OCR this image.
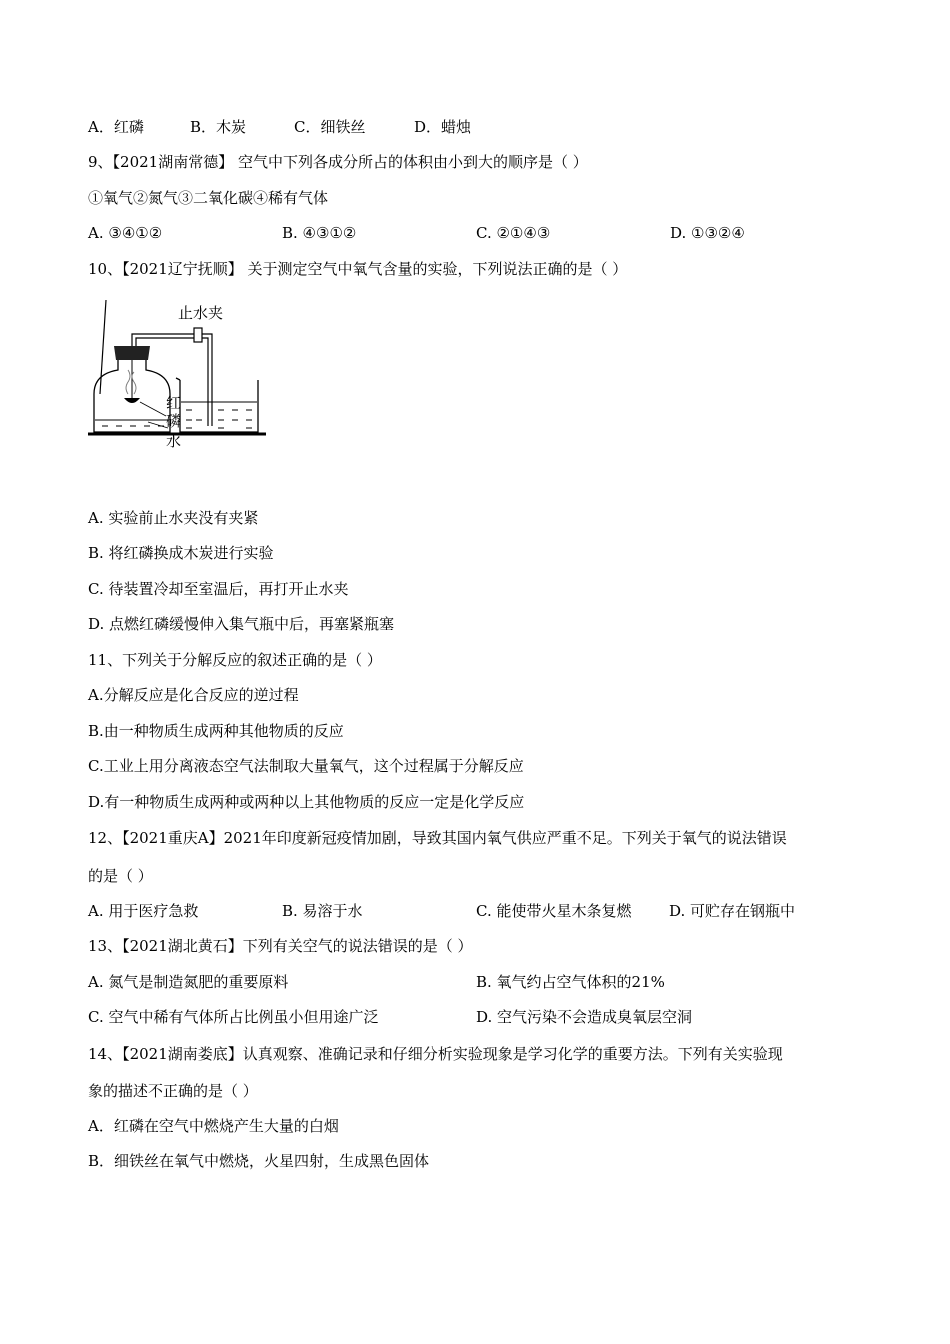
A．红磷	B．木炭	C．细铁丝	D．蜡烛
9、【2021湖南常德】 空气中下列各成分所占的体积由小到大的顺序是（ ）
①氧气②氮气③二氧化碳④稀有气体
A. ③④①②	B. ④③①②	C. ②①④③	D. ①③②④
10、【2021辽宁抚顺】 关于测定空气中氧气含量的实验，下列说法正确的是（ ）
止水夹
红
磷
水
A. 实验前止水夹没有夹紧
B. 将红磷换成木炭进行实验
C. 待装置冷却至室温后，再打开止水夹
D. 点燃红磷缓慢伸入集气瓶中后，再塞紧瓶塞
11、下列关于分解反应的叙述正确的是（ ）
A.分解反应是化合反应的逆过程
B.由一种物质生成两种其他物质的反应
C.工业上用分离液态空气法制取大量氧气，这个过程属于分解反应
D.有一种物质生成两种或两种以上其他物质的反应一定是化学反应
12、【2021重庆A】2021年印度新冠疫情加剧，导致其国内氧气供应严重不足。下列关于氧气的说法错误
的是（ ）
A. 用于医疗急救	B. 易溶于水	C. 能使带火星木条复燃	D. 可贮存在钢瓶中
13、【2021湖北黄石】下列有关空气的说法错误的是（ ）
A. 氮气是制造氮肥的重要原料	B. 氧气约占空气体积的21%
C. 空气中稀有气体所占比例虽小但用途广泛	D. 空气污染不会造成臭氧层空洞
14、【2021湖南娄底】认真观察、准确记录和仔细分析实验现象是学习化学的重要方法。下列有关实验现
象的描述不正确的是（ ）
A．红磷在空气中燃烧产生大量的白烟
B．细铁丝在氧气中燃烧，火星四射，生成黑色固体
